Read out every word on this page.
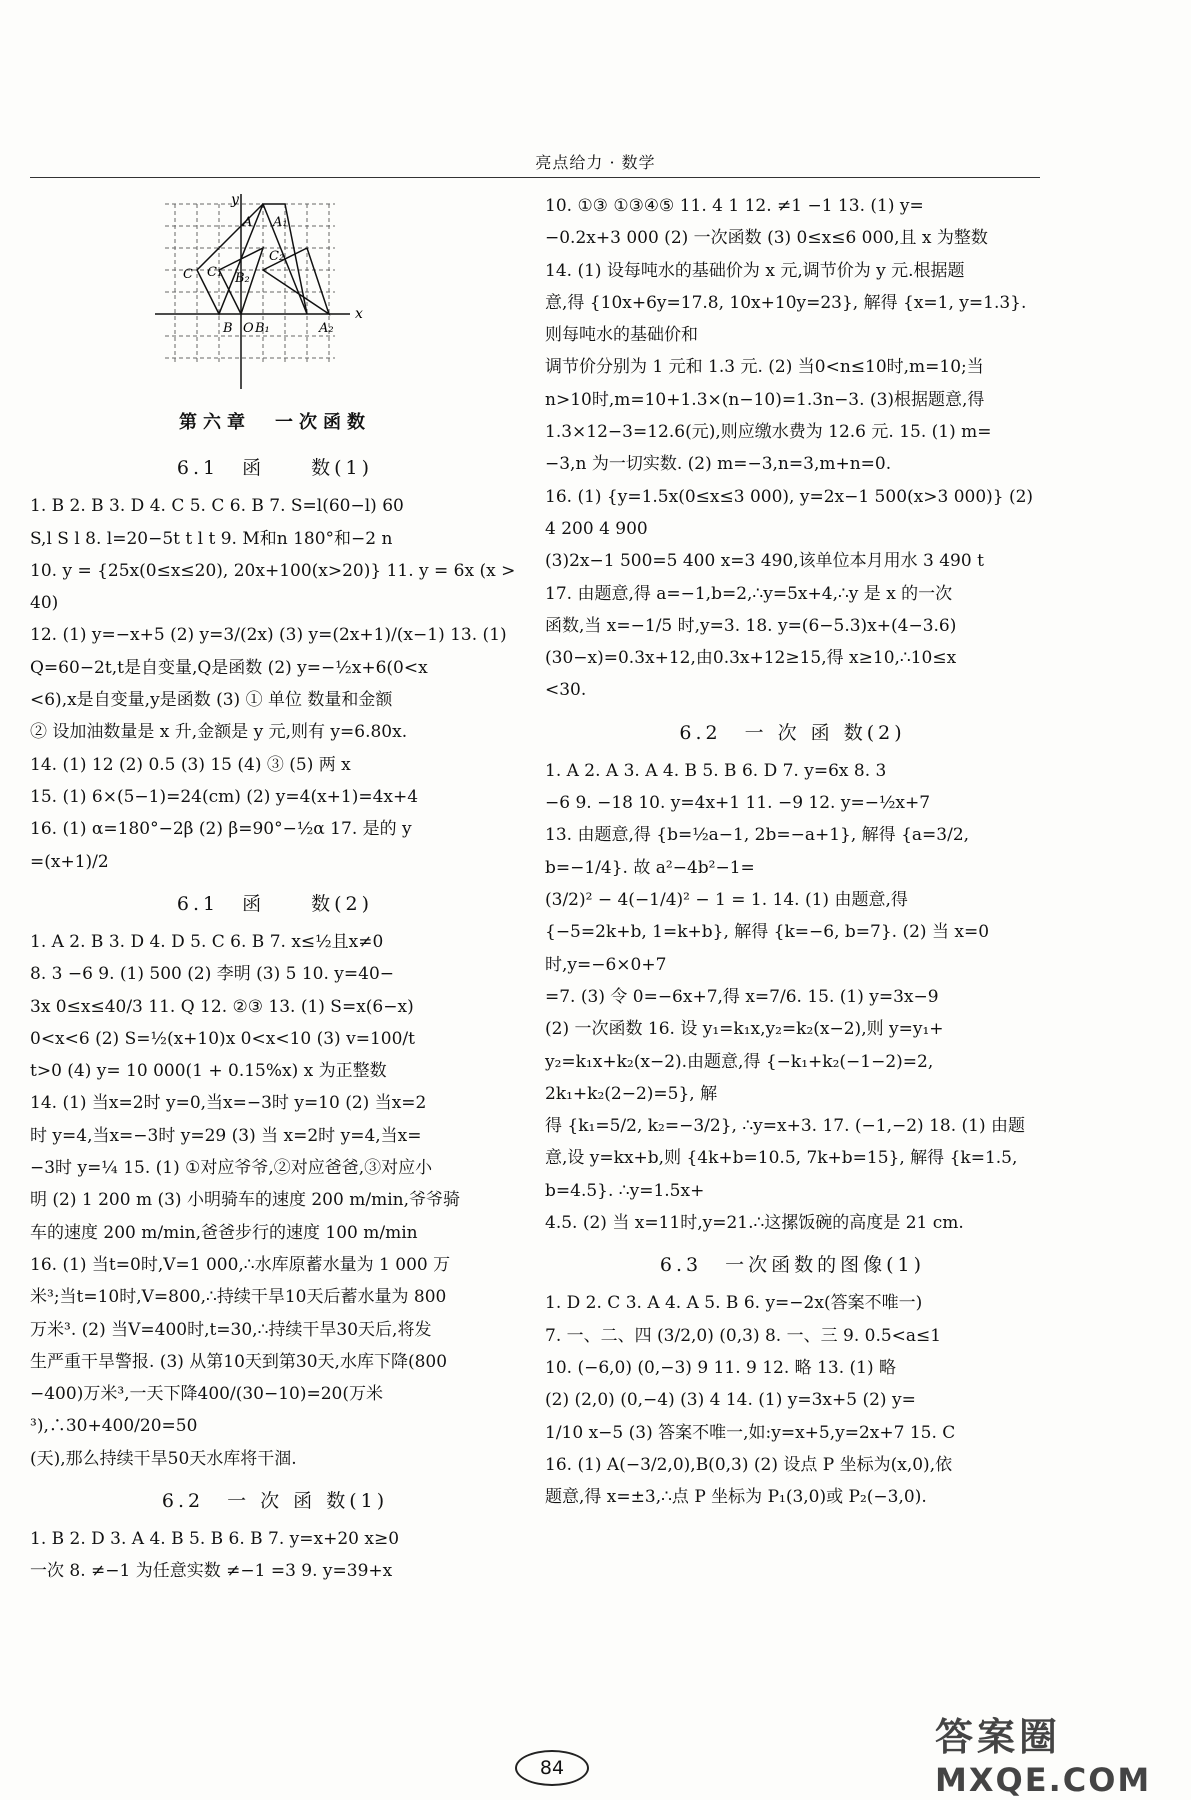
亮点给力 · 数学
x
y
A A₁
C C₁
C₂
B₂
B O B₁	A₂
第六章　一次函数
6.1　函　　数(1)

1. B 2. B 3. D 4. C 5. C 6. B 7. S=l(60−l) 60

S,l S l 8. l=20−5t t l t 9. M和n 180°和−2 n

10. y = {25x(0≤x≤20), 20x+100(x>20)} 11. y = 6x (x > 40)

12. (1) y=−x+5 (2) y=3/(2x) (3) y=(2x+1)/(x−1) 13. (1)

Q=60−2t,t是自变量,Q是函数 (2) y=−½x+6(0<x

<6),x是自变量,y是函数 (3) ① 单位 数量和金额

② 设加油数量是 x 升,金额是 y 元,则有 y=6.80x.

14. (1) 12 (2) 0.5 (3) 15 (4) ③ (5) 两 x

15. (1) 6×(5−1)=24(cm) (2) y=4(x+1)=4x+4

16. (1) α=180°−2β (2) β=90°−½α 17. 是的 y

=(x+1)/2

6.1　函　　数(2)

1. A 2. B 3. D 4. D 5. C 6. B 7. x≤½且x≠0

8. 3 −6 9. (1) 500 (2) 李明 (3) 5 10. y=40−

3x 0≤x≤40/3 11. Q 12. ②③ 13. (1) S=x(6−x)

0<x<6 (2) S=½(x+10)x 0<x<10 (3) v=100/t

t>0 (4) y= 10 000(1 + 0.15%x) x 为正整数

14. (1) 当x=2时 y=0,当x=−3时 y=10 (2) 当x=2

时 y=4,当x=−3时 y=29 (3) 当 x=2时 y=4,当x=

−3时 y=¼ 15. (1) ①对应爷爷,②对应爸爸,③对应小

明 (2) 1 200 m (3) 小明骑车的速度 200 m/min,爷爷骑

车的速度 200 m/min,爸爸步行的速度 100 m/min

16. (1) 当t=0时,V=1 000,∴水库原蓄水量为 1 000 万

米³;当t=10时,V=800,∴持续干旱10天后蓄水量为 800

万米³. (2) 当V=400时,t=30,∴持续干旱30天后,将发

生严重干旱警报. (3) 从第10天到第30天,水库下降(800

−400)万米³,一天下降400/(30−10)=20(万米³),∴30+400/20=50

(天),那么持续干旱50天水库将干涸.

6.2　一 次 函 数(1)

1. B 2. D 3. A 4. B 5. B 6. B 7. y=x+20 x≥0

一次 8. ≠−1 为任意实数 ≠−1 =3 9. y=39+x

10. ①③ ①③④⑤ 11. 4 1 12. ≠1 −1 13. (1) y=

−0.2x+3 000 (2) 一次函数 (3) 0≤x≤6 000,且 x 为整数

14. (1) 设每吨水的基础价为 x 元,调节价为 y 元.根据题

意,得 {10x+6y=17.8, 10x+10y=23}, 解得 {x=1, y=1.3}. 则每吨水的基础价和

调节价分别为 1 元和 1.3 元. (2) 当0<n≤10时,m=10;当

n>10时,m=10+1.3×(n−10)=1.3n−3. (3)根据题意,得

1.3×12−3=12.6(元),则应缴水费为 12.6 元. 15. (1) m=

−3,n 为一切实数. (2) m=−3,n=3,m+n=0.

16. (1) {y=1.5x(0≤x≤3 000), y=2x−1 500(x>3 000)} (2) 4 200 4 900

(3)2x−1 500=5 400 x=3 490,该单位本月用水 3 490 t

17. 由题意,得 a=−1,b=2,∴y=5x+4,∴y 是 x 的一次

函数,当 x=−1/5 时,y=3. 18. y=(6−5.3)x+(4−3.6)

(30−x)=0.3x+12,由0.3x+12≥15,得 x≥10,∴10≤x

<30.

6.2　一 次 函 数(2)

1. A 2. A 3. A 4. B 5. B 6. D 7. y=6x 8. 3

−6 9. −18 10. y=4x+1 11. −9 12. y=−½x+7

13. 由题意,得 {b=½a−1, 2b=−a+1}, 解得 {a=3/2, b=−1/4}. 故 a²−4b²−1=

(3/2)² − 4(−1/4)² − 1 = 1. 14. (1) 由题意,得

{−5=2k+b, 1=k+b}, 解得 {k=−6, b=7}. (2) 当 x=0时,y=−6×0+7

=7. (3) 令 0=−6x+7,得 x=7/6. 15. (1) y=3x−9

(2) 一次函数 16. 设 y₁=k₁x,y₂=k₂(x−2),则 y=y₁+

y₂=k₁x+k₂(x−2).由题意,得 {−k₁+k₂(−1−2)=2, 2k₁+k₂(2−2)=5}, 解

得 {k₁=5/2, k₂=−3/2}, ∴y=x+3. 17. (−1,−2) 18. (1) 由题

意,设 y=kx+b,则 {4k+b=10.5, 7k+b=15}, 解得 {k=1.5, b=4.5}. ∴y=1.5x+

4.5. (2) 当 x=11时,y=21.∴这摞饭碗的高度是 21 cm.

6.3　一次函数的图像(1)

1. D 2. C 3. A 4. A 5. B 6. y=−2x(答案不唯一)

7. 一、二、四 (3/2,0) (0,3) 8. 一、三 9. 0.5<a≤1

10. (−6,0) (0,−3) 9 11. 9 12. 略 13. (1) 略

(2) (2,0) (0,−4) (3) 4 14. (1) y=3x+5 (2) y=

1/10 x−5 (3) 答案不唯一,如:y=x+5,y=2x+7 15. C

16. (1) A(−3/2,0),B(0,3) (2) 设点 P 坐标为(x,0),依

题意,得 x=±3,∴点 P 坐标为 P₁(3,0)或 P₂(−3,0).

84
答案圈
MXQE.COM
